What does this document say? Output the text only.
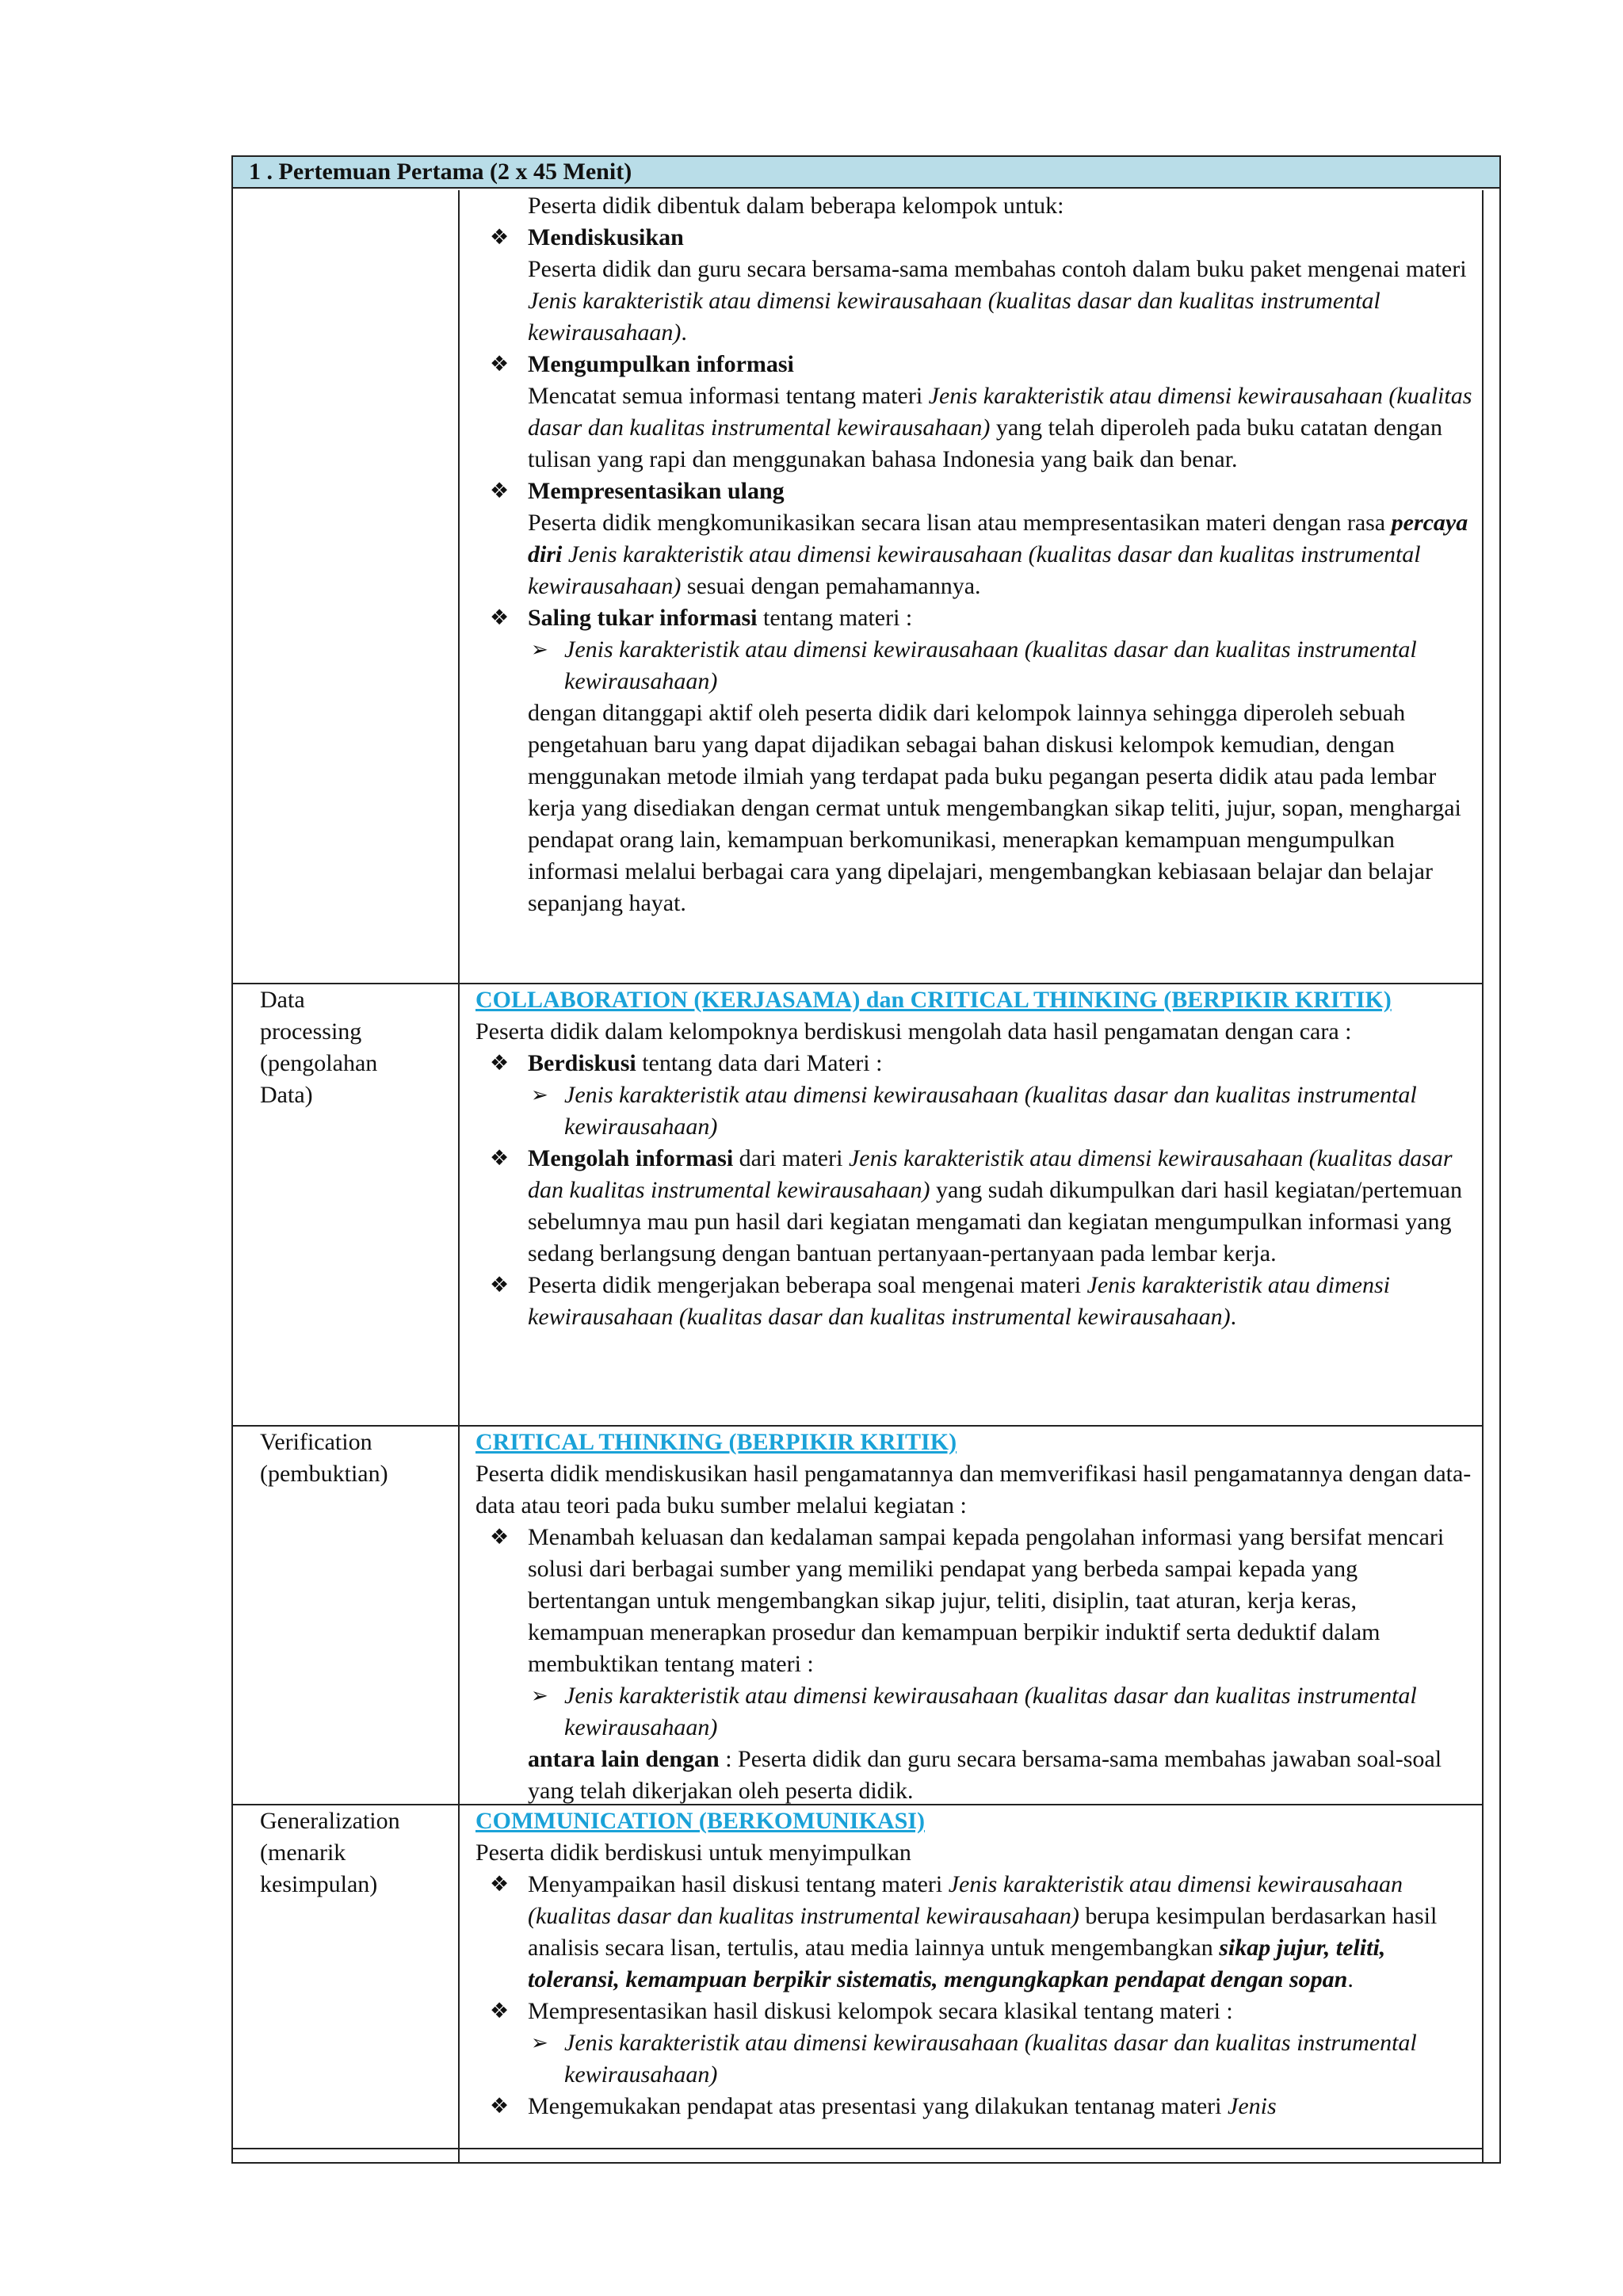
1 . Pertemuan Pertama (2 x 45 Menit)

Peserta didik dibentuk dalam beberapa kelompok untuk:

❖ Mendiskusikan
Peserta didik dan guru secara bersama-sama membahas contoh dalam buku paket mengenai materi Jenis karakteristik atau dimensi kewirausahaan (kualitas dasar dan kualitas instrumental kewirausahaan).
❖ Mengumpulkan informasi
Mencatat semua informasi tentang materi Jenis karakteristik atau dimensi kewirausahaan (kualitas dasar dan kualitas instrumental kewirausahaan) yang telah diperoleh pada buku catatan dengan tulisan yang rapi dan menggunakan bahasa Indonesia yang baik dan benar.
❖ Mempresentasikan ulang
Peserta didik mengkomunikasikan secara lisan atau mempresentasikan materi dengan rasa percaya diri Jenis karakteristik atau dimensi kewirausahaan (kualitas dasar dan kualitas instrumental kewirausahaan) sesuai dengan pemahamannya.
❖ Saling tukar informasi tentang materi :
➢ Jenis karakteristik atau dimensi kewirausahaan (kualitas dasar dan kualitas instrumental kewirausahaan)

dengan ditanggapi aktif oleh peserta didik dari kelompok lainnya sehingga diperoleh sebuah pengetahuan baru yang dapat dijadikan sebagai bahan diskusi kelompok kemudian, dengan menggunakan metode ilmiah yang terdapat pada buku pegangan peserta didik atau pada lembar kerja yang disediakan dengan cermat untuk mengembangkan sikap teliti, jujur, sopan, menghargai pendapat orang lain, kemampuan berkomunikasi, menerapkan kemampuan mengumpulkan informasi melalui berbagai cara yang dipelajari, mengembangkan kebiasaan belajar dan belajar sepanjang hayat.

Data
processing
(pengolahan
Data)

COLLABORATION (KERJASAMA) dan CRITICAL THINKING (BERPIKIR KRITIK)

Peserta didik dalam kelompoknya berdiskusi mengolah data hasil pengamatan dengan cara :

❖ Berdiskusi tentang data dari Materi :
➢ Jenis karakteristik atau dimensi kewirausahaan (kualitas dasar dan kualitas instrumental kewirausahaan)
❖ Mengolah informasi dari materi Jenis karakteristik atau dimensi kewirausahaan (kualitas dasar dan kualitas instrumental kewirausahaan) yang sudah dikumpulkan dari hasil kegiatan/pertemuan sebelumnya mau pun hasil dari kegiatan mengamati dan kegiatan mengumpulkan informasi yang sedang berlangsung dengan bantuan pertanyaan-pertanyaan pada lembar kerja.
❖ Peserta didik mengerjakan beberapa soal mengenai materi Jenis karakteristik atau dimensi kewirausahaan (kualitas dasar dan kualitas instrumental kewirausahaan).
Verification
(pembuktian)

CRITICAL THINKING (BERPIKIR KRITIK)

Peserta didik mendiskusikan hasil pengamatannya dan memverifikasi hasil pengamatannya dengan data-data atau teori pada buku sumber melalui kegiatan :

❖ Menambah keluasan dan kedalaman sampai kepada pengolahan informasi yang bersifat mencari solusi dari berbagai sumber yang memiliki pendapat yang berbeda sampai kepada yang bertentangan untuk mengembangkan sikap jujur, teliti, disiplin, taat aturan, kerja keras, kemampuan menerapkan prosedur dan kemampuan berpikir induktif serta deduktif dalam membuktikan tentang materi :
➢ Jenis karakteristik atau dimensi kewirausahaan (kualitas dasar dan kualitas instrumental kewirausahaan)

antara lain dengan : Peserta didik dan guru secara bersama-sama membahas jawaban soal-soal yang telah dikerjakan oleh peserta didik.

Generalization
(menarik
kesimpulan)

COMMUNICATION (BERKOMUNIKASI)

Peserta didik berdiskusi untuk menyimpulkan

❖ Menyampaikan hasil diskusi tentang materi Jenis karakteristik atau dimensi kewirausahaan (kualitas dasar dan kualitas instrumental kewirausahaan) berupa kesimpulan berdasarkan hasil analisis secara lisan, tertulis, atau media lainnya untuk mengembangkan sikap jujur, teliti, toleransi, kemampuan berpikir sistematis, mengungkapkan pendapat dengan sopan.
❖ Mempresentasikan hasil diskusi kelompok secara klasikal tentang materi :
➢ Jenis karakteristik atau dimensi kewirausahaan (kualitas dasar dan kualitas instrumental kewirausahaan)
❖ Mengemukakan pendapat atas presentasi yang dilakukan tentanag materi Jenis
